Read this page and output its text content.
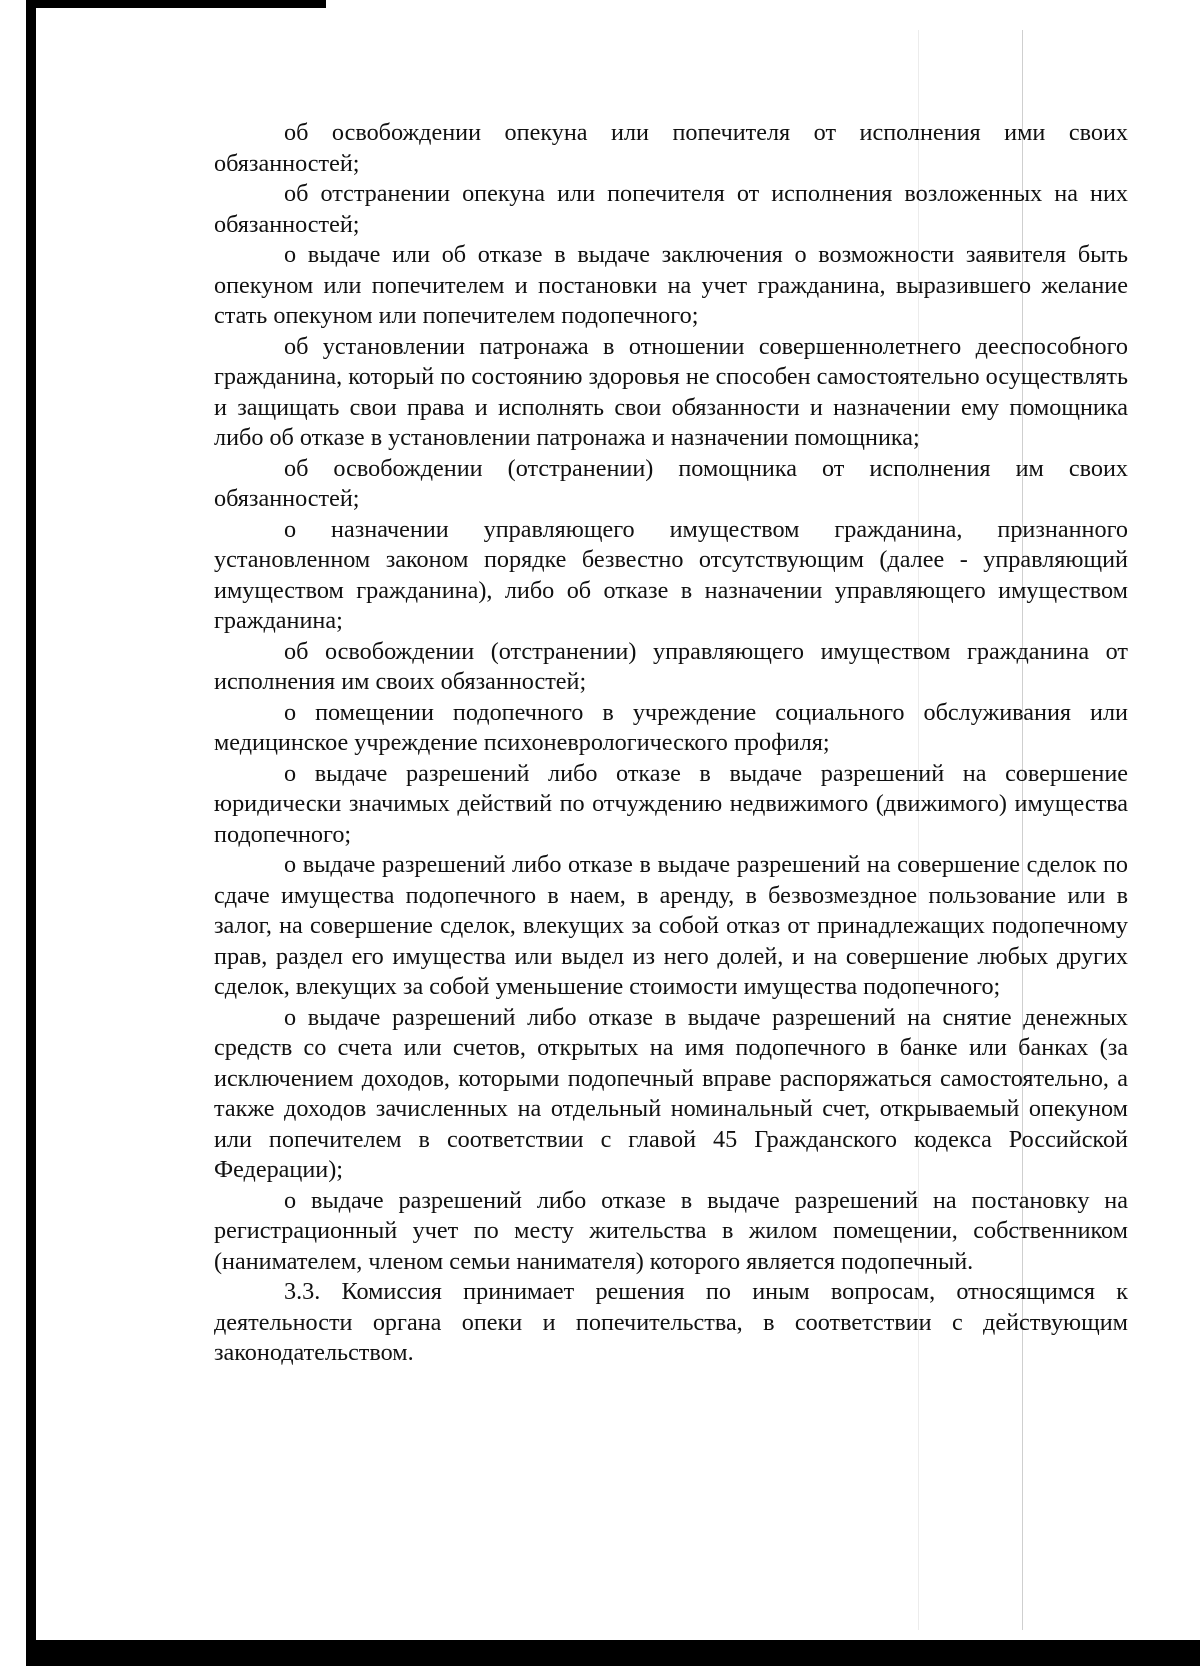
об освобождении опекуна или попечителя от исполнения ими своих обязанностей;

об отстранении опекуна или попечителя от исполнения возложенных на них обязанностей;

о выдаче или об отказе в выдаче заключения о возможности заявителя быть опекуном или попечителем и постановки на учет гражданина, выразившего желание стать опекуном или попечителем подопечного;

об установлении патронажа в отношении совершеннолетнего дееспособного гражданина, который по состоянию здоровья не способен самостоятельно осуществлять и защищать свои права и исполнять свои обязанности и назначении ему помощника либо об отказе в установлении патронажа и назначении помощника;

об освобождении (отстранении) помощника от исполнения им своих обязанностей;

о назначении управляющего имуществом гражданина, признанного установленном законом порядке безвестно отсутствующим (далее - управляющий имуществом гражданина), либо об отказе в назначении управляющего имуществом гражданина;

об освобождении (отстранении) управляющего имуществом гражданина от исполнения им своих обязанностей;

о помещении подопечного в учреждение социального обслуживания или медицинское учреждение психоневрологического профиля;

о выдаче разрешений либо отказе в выдаче разрешений на совершение юридически значимых действий по отчуждению недвижимого (движимого) имущества подопечного;

о выдаче разрешений либо отказе в выдаче разрешений на совершение сделок по сдаче имущества подопечного в наем, в аренду, в безвозмездное пользование или в залог, на совершение сделок, влекущих за собой отказ от принадлежащих подопечному прав, раздел его имущества или выдел из него долей, и на совершение любых других сделок, влекущих за собой уменьшение стоимости имущества подопечного;

о выдаче разрешений либо отказе в выдаче разрешений на снятие денежных средств со счета или счетов, открытых на имя подопечного в банке или банках (за исключением доходов, которыми подопечный вправе распоряжаться самостоятельно, а также доходов зачисленных на отдельный номинальный счет, открываемый опекуном или попечителем в соответствии с главой 45 Гражданского кодекса Российской Федерации);

о выдаче разрешений либо отказе в выдаче разрешений на постановку на регистрационный учет по месту жительства в жилом помещении, собственником (нанимателем, членом семьи нанимателя) которого является подопечный.

3.3. Комиссия принимает решения по иным вопросам, относящимся к деятельности органа опеки и попечительства, в соответствии с действующим законодательством.
